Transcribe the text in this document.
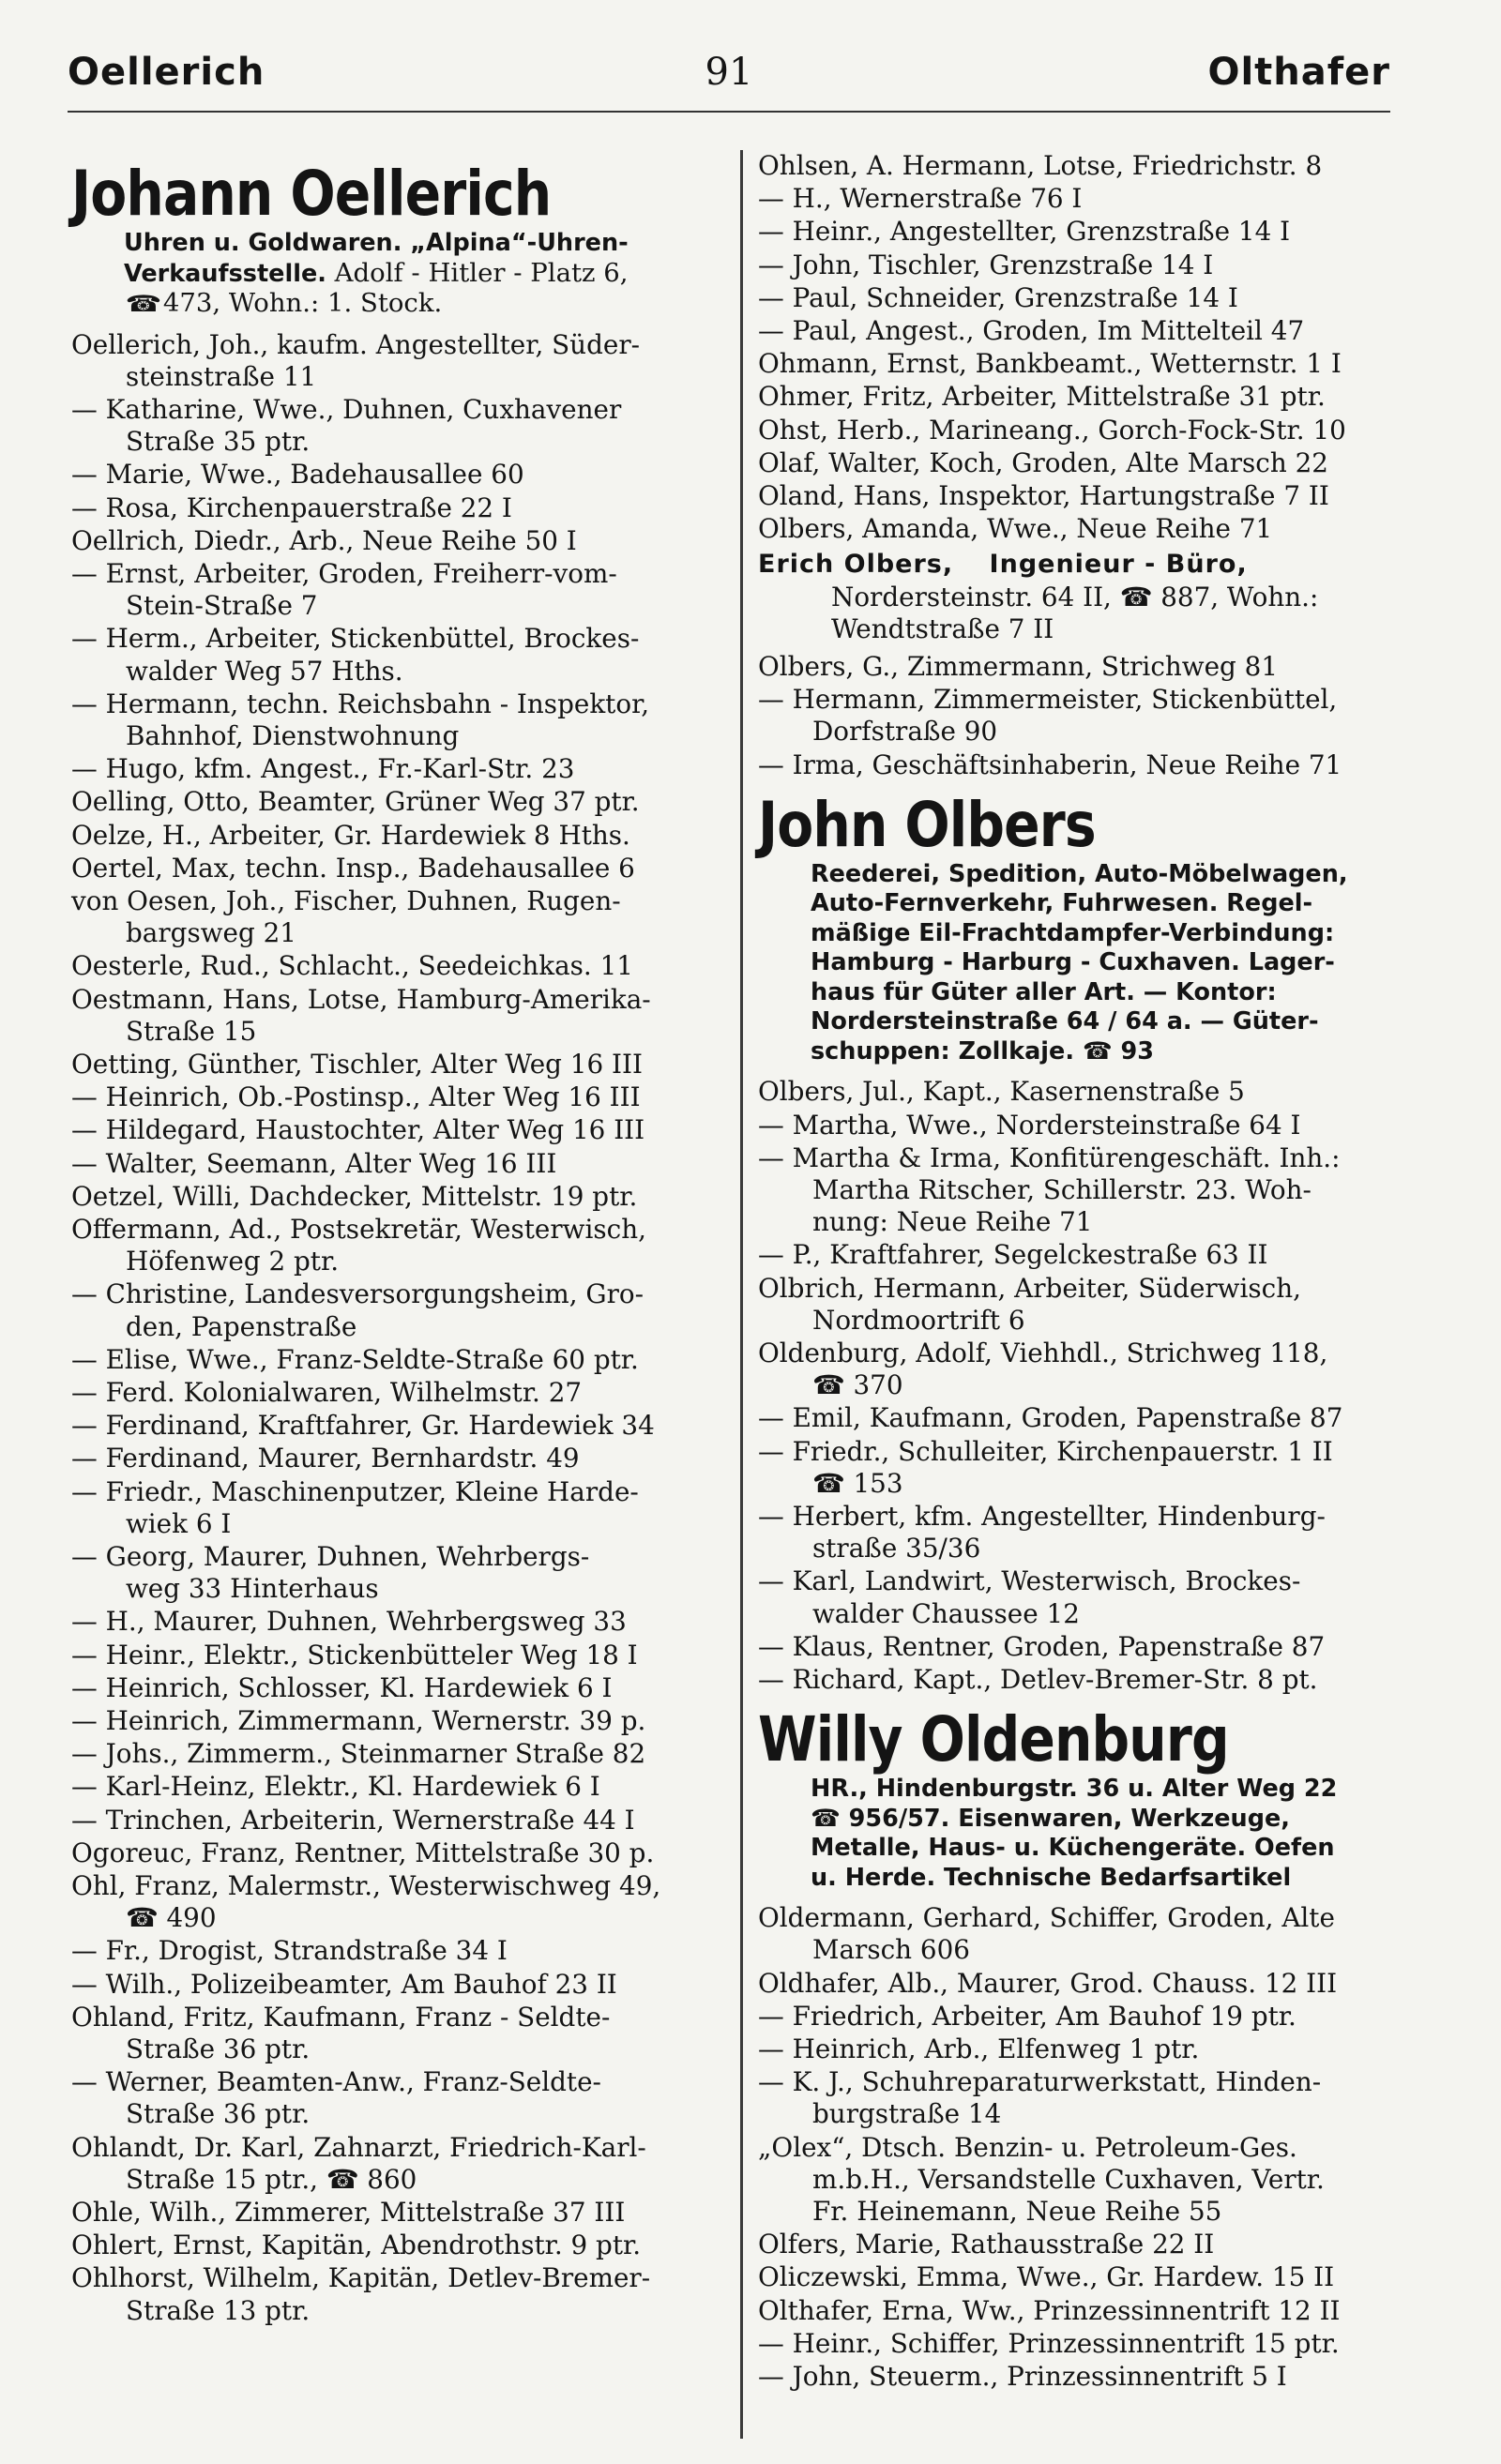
Oellerich	91	Olthafer
Johann Oellerich
Uhren u. Goldwaren. „Alpina“-Uhren-
Verkaufsstelle. Adolf - Hitler - Platz 6,
☎473, Wohn.: 1. Stock.
Oellerich, Joh., kaufm. Angestellter, Süder-
steinstraße 11
— Katharine, Wwe., Duhnen, Cuxhavener
Straße 35 ptr.
— Marie, Wwe., Badehausallee 60
— Rosa, Kirchenpauerstraße 22 I
Oellrich, Diedr., Arb., Neue Reihe 50 I
— Ernst, Arbeiter, Groden, Freiherr-vom-
Stein-Straße 7
— Herm., Arbeiter, Stickenbüttel, Brockes-
walder Weg 57 Hths.
— Hermann, techn. Reichsbahn - Inspektor,
Bahnhof, Dienstwohnung
— Hugo, kfm. Angest., Fr.-Karl-Str. 23
Oelling, Otto, Beamter, Grüner Weg 37 ptr.
Oelze, H., Arbeiter, Gr. Hardewiek 8 Hths.
Oertel, Max, techn. Insp., Badehausallee 6
von Oesen, Joh., Fischer, Duhnen, Rugen-
bargsweg 21
Oesterle, Rud., Schlacht., Seedeichkas. 11
Oestmann, Hans, Lotse, Hamburg-Amerika-
Straße 15
Oetting, Günther, Tischler, Alter Weg 16 III
— Heinrich, Ob.-Postinsp., Alter Weg 16 III
— Hildegard, Haustochter, Alter Weg 16 III
— Walter, Seemann, Alter Weg 16 III
Oetzel, Willi, Dachdecker, Mittelstr. 19 ptr.
Offermann, Ad., Postsekretär, Westerwisch,
Höfenweg 2 ptr.
— Christine, Landesversorgungsheim, Gro-
den, Papenstraße
— Elise, Wwe., Franz-Seldte-Straße 60 ptr.
— Ferd. Kolonialwaren, Wilhelmstr. 27
— Ferdinand, Kraftfahrer, Gr. Hardewiek 34
— Ferdinand, Maurer, Bernhardstr. 49
— Friedr., Maschinenputzer, Kleine Harde-
wiek 6 I
— Georg, Maurer, Duhnen, Wehrbergs-
weg 33 Hinterhaus
— H., Maurer, Duhnen, Wehrbergsweg 33
— Heinr., Elektr., Stickenbütteler Weg 18 I
— Heinrich, Schlosser, Kl. Hardewiek 6 I
— Heinrich, Zimmermann, Wernerstr. 39 p.
— Johs., Zimmerm., Steinmarner Straße 82
— Karl-Heinz, Elektr., Kl. Hardewiek 6 I
— Trinchen, Arbeiterin, Wernerstraße 44 I
Ogoreuc, Franz, Rentner, Mittelstraße 30 p.
Ohl, Franz, Malermstr., Westerwischweg 49,
☎ 490
— Fr., Drogist, Strandstraße 34 I
— Wilh., Polizeibeamter, Am Bauhof 23 II
Ohland, Fritz, Kaufmann, Franz - Seldte-
Straße 36 ptr.
— Werner, Beamten-Anw., Franz-Seldte-
Straße 36 ptr.
Ohlandt, Dr. Karl, Zahnarzt, Friedrich-Karl-
Straße 15 ptr., ☎ 860
Ohle, Wilh., Zimmerer, Mittelstraße 37 III
Ohlert, Ernst, Kapitän, Abendrothstr. 9 ptr.
Ohlhorst, Wilhelm, Kapitän, Detlev-Bremer-
Straße 13 ptr.
Ohlsen, A. Hermann, Lotse, Friedrichstr. 8
— H., Wernerstraße 76 I
— Heinr., Angestellter, Grenzstraße 14 I
— John, Tischler, Grenzstraße 14 I
— Paul, Schneider, Grenzstraße 14 I
— Paul, Angest., Groden, Im Mittelteil 47
Ohmann, Ernst, Bankbeamt., Wetternstr. 1 I
Ohmer, Fritz, Arbeiter, Mittelstraße 31 ptr.
Ohst, Herb., Marineang., Gorch-Fock-Str. 10
Olaf, Walter, Koch, Groden, Alte Marsch 22
Oland, Hans, Inspektor, Hartungstraße 7 II
Olbers, Amanda, Wwe., Neue Reihe 71
Erich Olbers, Ingenieur - Büro,
Nordersteinstr. 64 II, ☎ 887, Wohn.:
Wendtstraße 7 II
Olbers, G., Zimmermann, Strichweg 81
— Hermann, Zimmermeister, Stickenbüttel,
Dorfstraße 90
— Irma, Geschäftsinhaberin, Neue Reihe 71
John Olbers
Reederei, Spedition, Auto-Möbelwagen,
Auto-Fernverkehr, Fuhrwesen. Regel-
mäßige Eil-Frachtdampfer-Verbindung:
Hamburg - Harburg - Cuxhaven. Lager-
haus für Güter aller Art. — Kontor:
Nordersteinstraße 64 / 64 a. — Güter-
schuppen: Zollkaje. ☎ 93
Olbers, Jul., Kapt., Kasernenstraße 5
— Martha, Wwe., Nordersteinstraße 64 I
— Martha & Irma, Konfitürengeschäft. Inh.:
Martha Ritscher, Schillerstr. 23. Woh-
nung: Neue Reihe 71
— P., Kraftfahrer, Segelckestraße 63 II
Olbrich, Hermann, Arbeiter, Süderwisch,
Nordmoortrift 6
Oldenburg, Adolf, Viehhdl., Strichweg 118,
☎ 370
— Emil, Kaufmann, Groden, Papenstraße 87
— Friedr., Schulleiter, Kirchenpauerstr. 1 II
☎ 153
— Herbert, kfm. Angestellter, Hindenburg-
straße 35/36
— Karl, Landwirt, Westerwisch, Brockes-
walder Chaussee 12
— Klaus, Rentner, Groden, Papenstraße 87
— Richard, Kapt., Detlev-Bremer-Str. 8 pt.
Willy Oldenburg
HR., Hindenburgstr. 36 u. Alter Weg 22
☎ 956/57. Eisenwaren, Werkzeuge,
Metalle, Haus- u. Küchengeräte. Oefen
u. Herde. Technische Bedarfsartikel
Oldermann, Gerhard, Schiffer, Groden, Alte
Marsch 606
Oldhafer, Alb., Maurer, Grod. Chauss. 12 III
— Friedrich, Arbeiter, Am Bauhof 19 ptr.
— Heinrich, Arb., Elfenweg 1 ptr.
— K. J., Schuhreparaturwerkstatt, Hinden-
burgstraße 14
„Olex“, Dtsch. Benzin- u. Petroleum-Ges.
m.b.H., Versandstelle Cuxhaven, Vertr.
Fr. Heinemann, Neue Reihe 55
Olfers, Marie, Rathausstraße 22 II
Oliczewski, Emma, Wwe., Gr. Hardew. 15 II
Olthafer, Erna, Ww., Prinzessinnentrift 12 II
— Heinr., Schiffer, Prinzessinnentrift 15 ptr.
— John, Steuerm., Prinzessinnentrift 5 I
